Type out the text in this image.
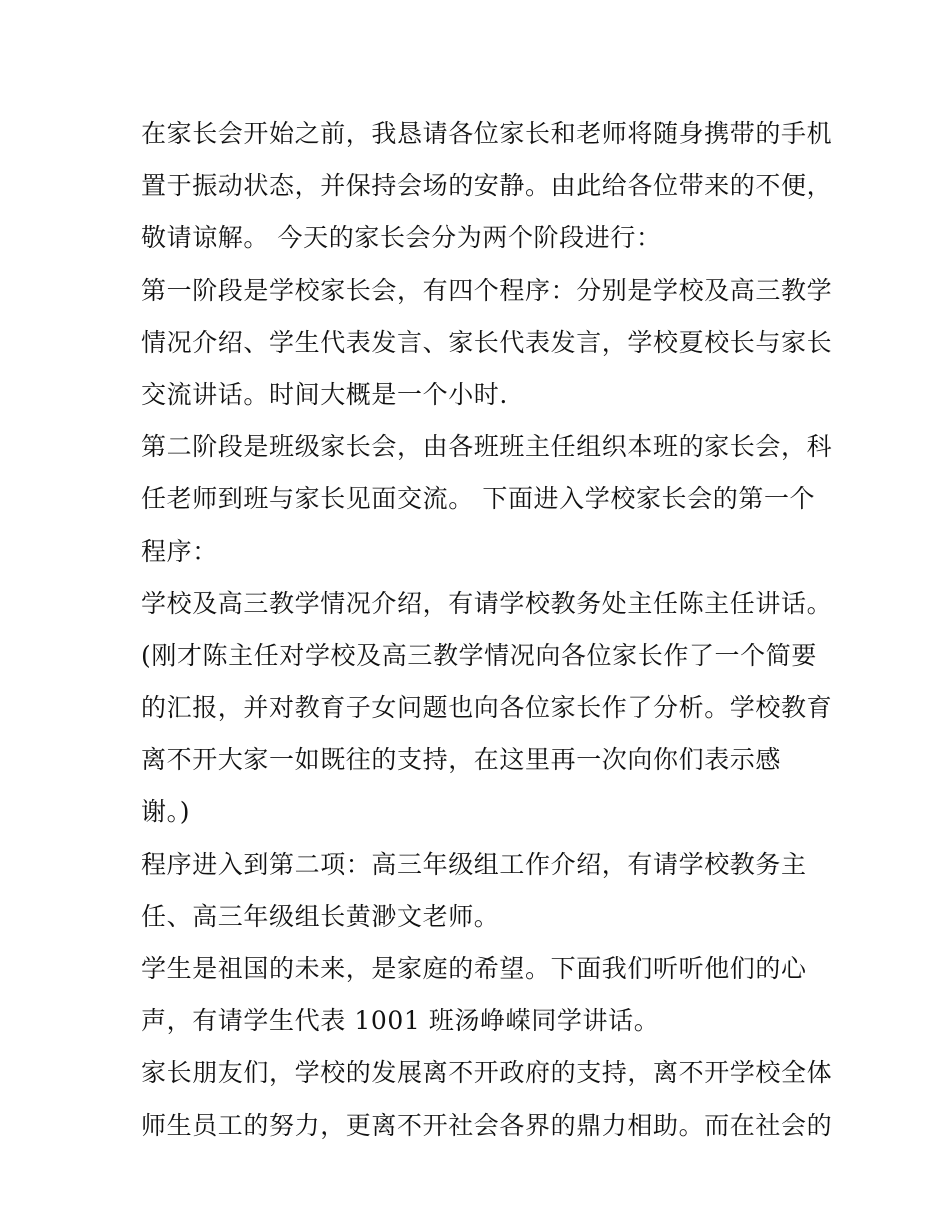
在家长会开始之前，我恳请各位家长和老师将随身携带的手机
置于振动状态，并保持会场的安静。由此给各位带来的不便，
敬请谅解。 今天的家长会分为两个阶段进行：
第一阶段是学校家长会，有四个程序：分别是学校及高三教学
情况介绍、学生代表发言、家长代表发言，学校夏校长与家长
交流讲话。时间大概是一个小时.
第二阶段是班级家长会，由各班班主任组织本班的家长会，科
任老师到班与家长见面交流。 下面进入学校家长会的第一个
程序：
学校及高三教学情况介绍，有请学校教务处主任陈主任讲话。
(刚才陈主任对学校及高三教学情况向各位家长作了一个简要
的汇报，并对教育子女问题也向各位家长作了分析。学校教育
离不开大家一如既往的支持，在这里再一次向你们表示感
谢。)
程序进入到第二项：高三年级组工作介绍，有请学校教务主
任、高三年级组长黄渺文老师。
学生是祖国的未来，是家庭的希望。下面我们听听他们的心
声，有请学生代表 1001 班汤峥嵘同学讲话。
家长朋友们，学校的发展离不开政府的支持，离不开学校全体
师生员工的努力，更离不开社会各界的鼎力相助。而在社会的
